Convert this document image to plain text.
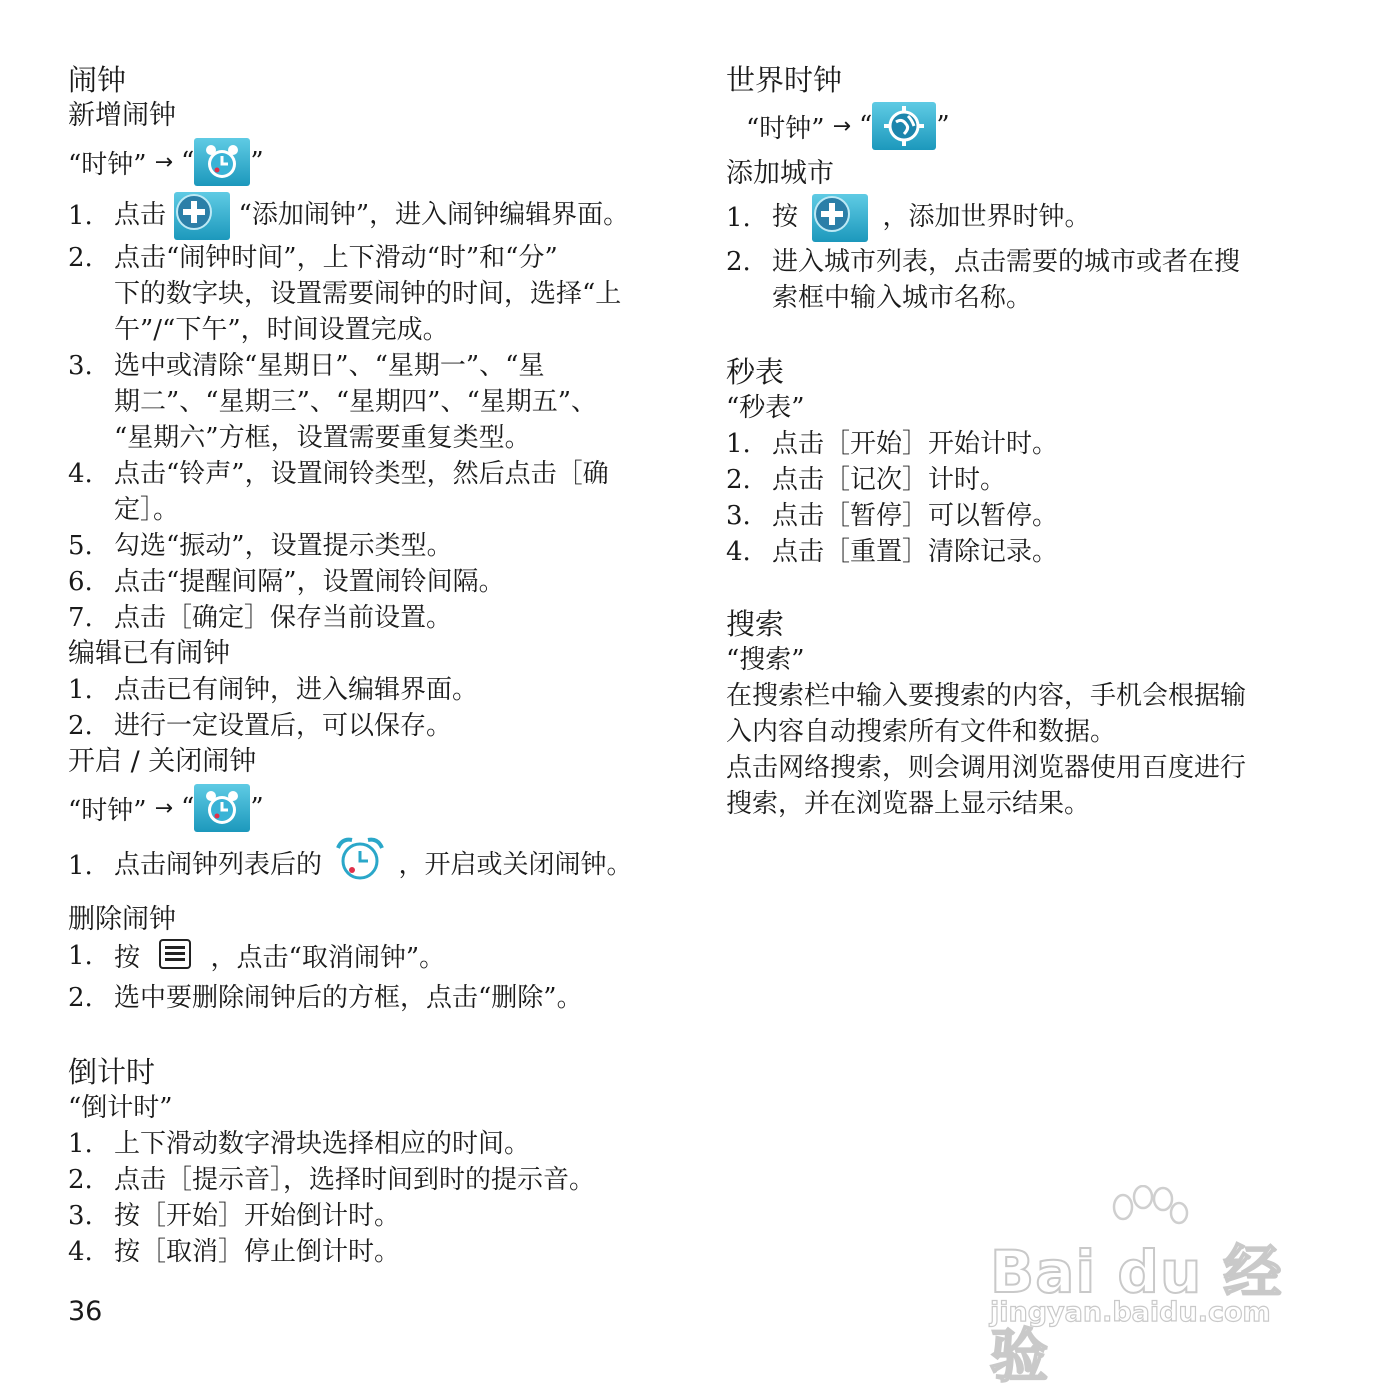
闹钟
新增闹钟
“时钟” → “ ”
1. 点击	“添加闹钟”，进入闹钟编辑界面。
2. 点击“闹钟时间”，上下滑动“时”和“分”
下的数字块，设置需要闹钟的时间，选择“上
午”/“下午”，时间设置完成。
3. 选中或清除“星期日”、“星期一”、“星
期二”、“星期三”、“星期四”、“星期五”、
“星期六”方框，设置需要重复类型。
4. 点击“铃声”，设置闹铃类型，然后点击［确
定］。
5. 勾选“振动”，设置提示类型。
6. 点击“提醒间隔”，设置闹铃间隔。
7. 点击［确定］保存当前设置。
编辑已有闹钟
1. 点击已有闹钟，进入编辑界面。
2. 进行一定设置后，可以保存。
开启 / 关闭闹钟
“时钟” → “ ”
1. 点击闹钟列表后的	，开启或关闭闹钟。
删除闹钟
1. 按	，点击“取消闹钟”。
2. 选中要删除闹钟后的方框，点击“删除”。
倒计时
“倒计时”
1. 上下滑动数字滑块选择相应的时间。
2. 点击［提示音］，选择时间到时的提示音。
3. 按［开始］开始倒计时。
4. 按［取消］停止倒计时。
世界时钟
“时钟” → “ ”
添加城市
1. 按	，添加世界时钟。
2. 进入城市列表，点击需要的城市或者在搜
索框中输入城市名称。
秒表
“秒表”
1. 点击［开始］开始计时。
2. 点击［记次］计时。
3. 点击［暂停］可以暂停。
4. 点击［重置］清除记录。
搜索
“搜索”
在搜索栏中输入要搜索的内容，手机会根据输
入内容自动搜索所有文件和数据。
点击网络搜索，则会调用浏览器使用百度进行
搜索，并在浏览器上显示结果。
36
Bai du 经验
jingyan.baidu.com
